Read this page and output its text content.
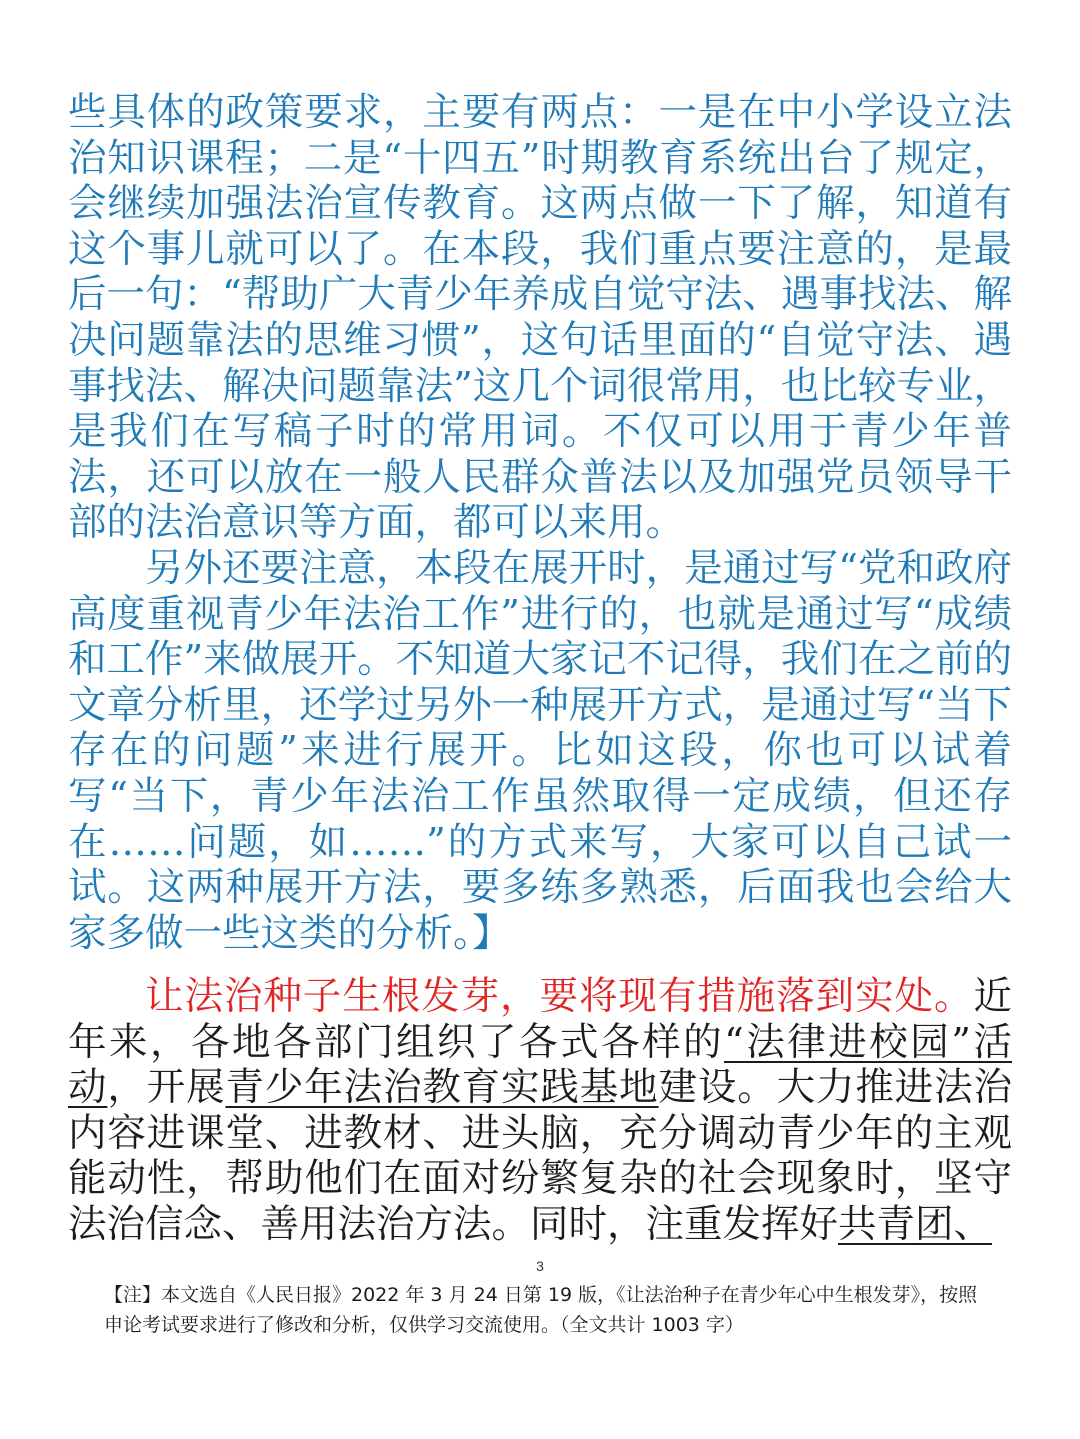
些具体的政策要求，主要有两点：一是在中小学设立法治知识课程；二是“十四五”时期教育系统出台了规定，会继续加强法治宣传教育。这两点做一下了解，知道有这个事儿就可以了。在本段，我们重点要注意的，是最后一句：“帮助广大青少年养成自觉守法、遇事找法、解决问题靠法的思维习惯”，这句话里面的“自觉守法、遇事找法、解决问题靠法”这几个词很常用，也比较专业，是我们在写稿子时的常用词。不仅可以用于青少年普法，还可以放在一般人民群众普法以及加强党员领导干部的法治意识等方面，都可以来用。

另外还要注意，本段在展开时，是通过写“党和政府高度重视青少年法治工作”进行的，也就是通过写“成绩和工作”来做展开。不知道大家记不记得，我们在之前的文章分析里，还学过另外一种展开方式，是通过写“当下存在的问题”来进行展开。比如这段，你也可以试着写“当下，青少年法治工作虽然取得一定成绩，但还存在……问题，如……”的方式来写，大家可以自己试一试。这两种展开方法，要多练多熟悉，后面我也会给大家多做一些这类的分析。】

让法治种子生根发芽，要将现有措施落到实处。近年来，各地各部门组织了各式各样的“法律进校园”活动，开展青少年法治教育实践基地建设。大力推进法治内容进课堂、进教材、进头脑，充分调动青少年的主观能动性，帮助他们在面对纷繁复杂的社会现象时，坚守法治信念、善用法治方法。同时，注重发挥好共青团、
3
【注】本文选自《人民日报》2022 年 3 月 24 日第 19 版，《让法治种子在青少年心中生根发芽》，按照申论考试要求进行了修改和分析，仅供学习交流使用。（全文共计 1003 字）
